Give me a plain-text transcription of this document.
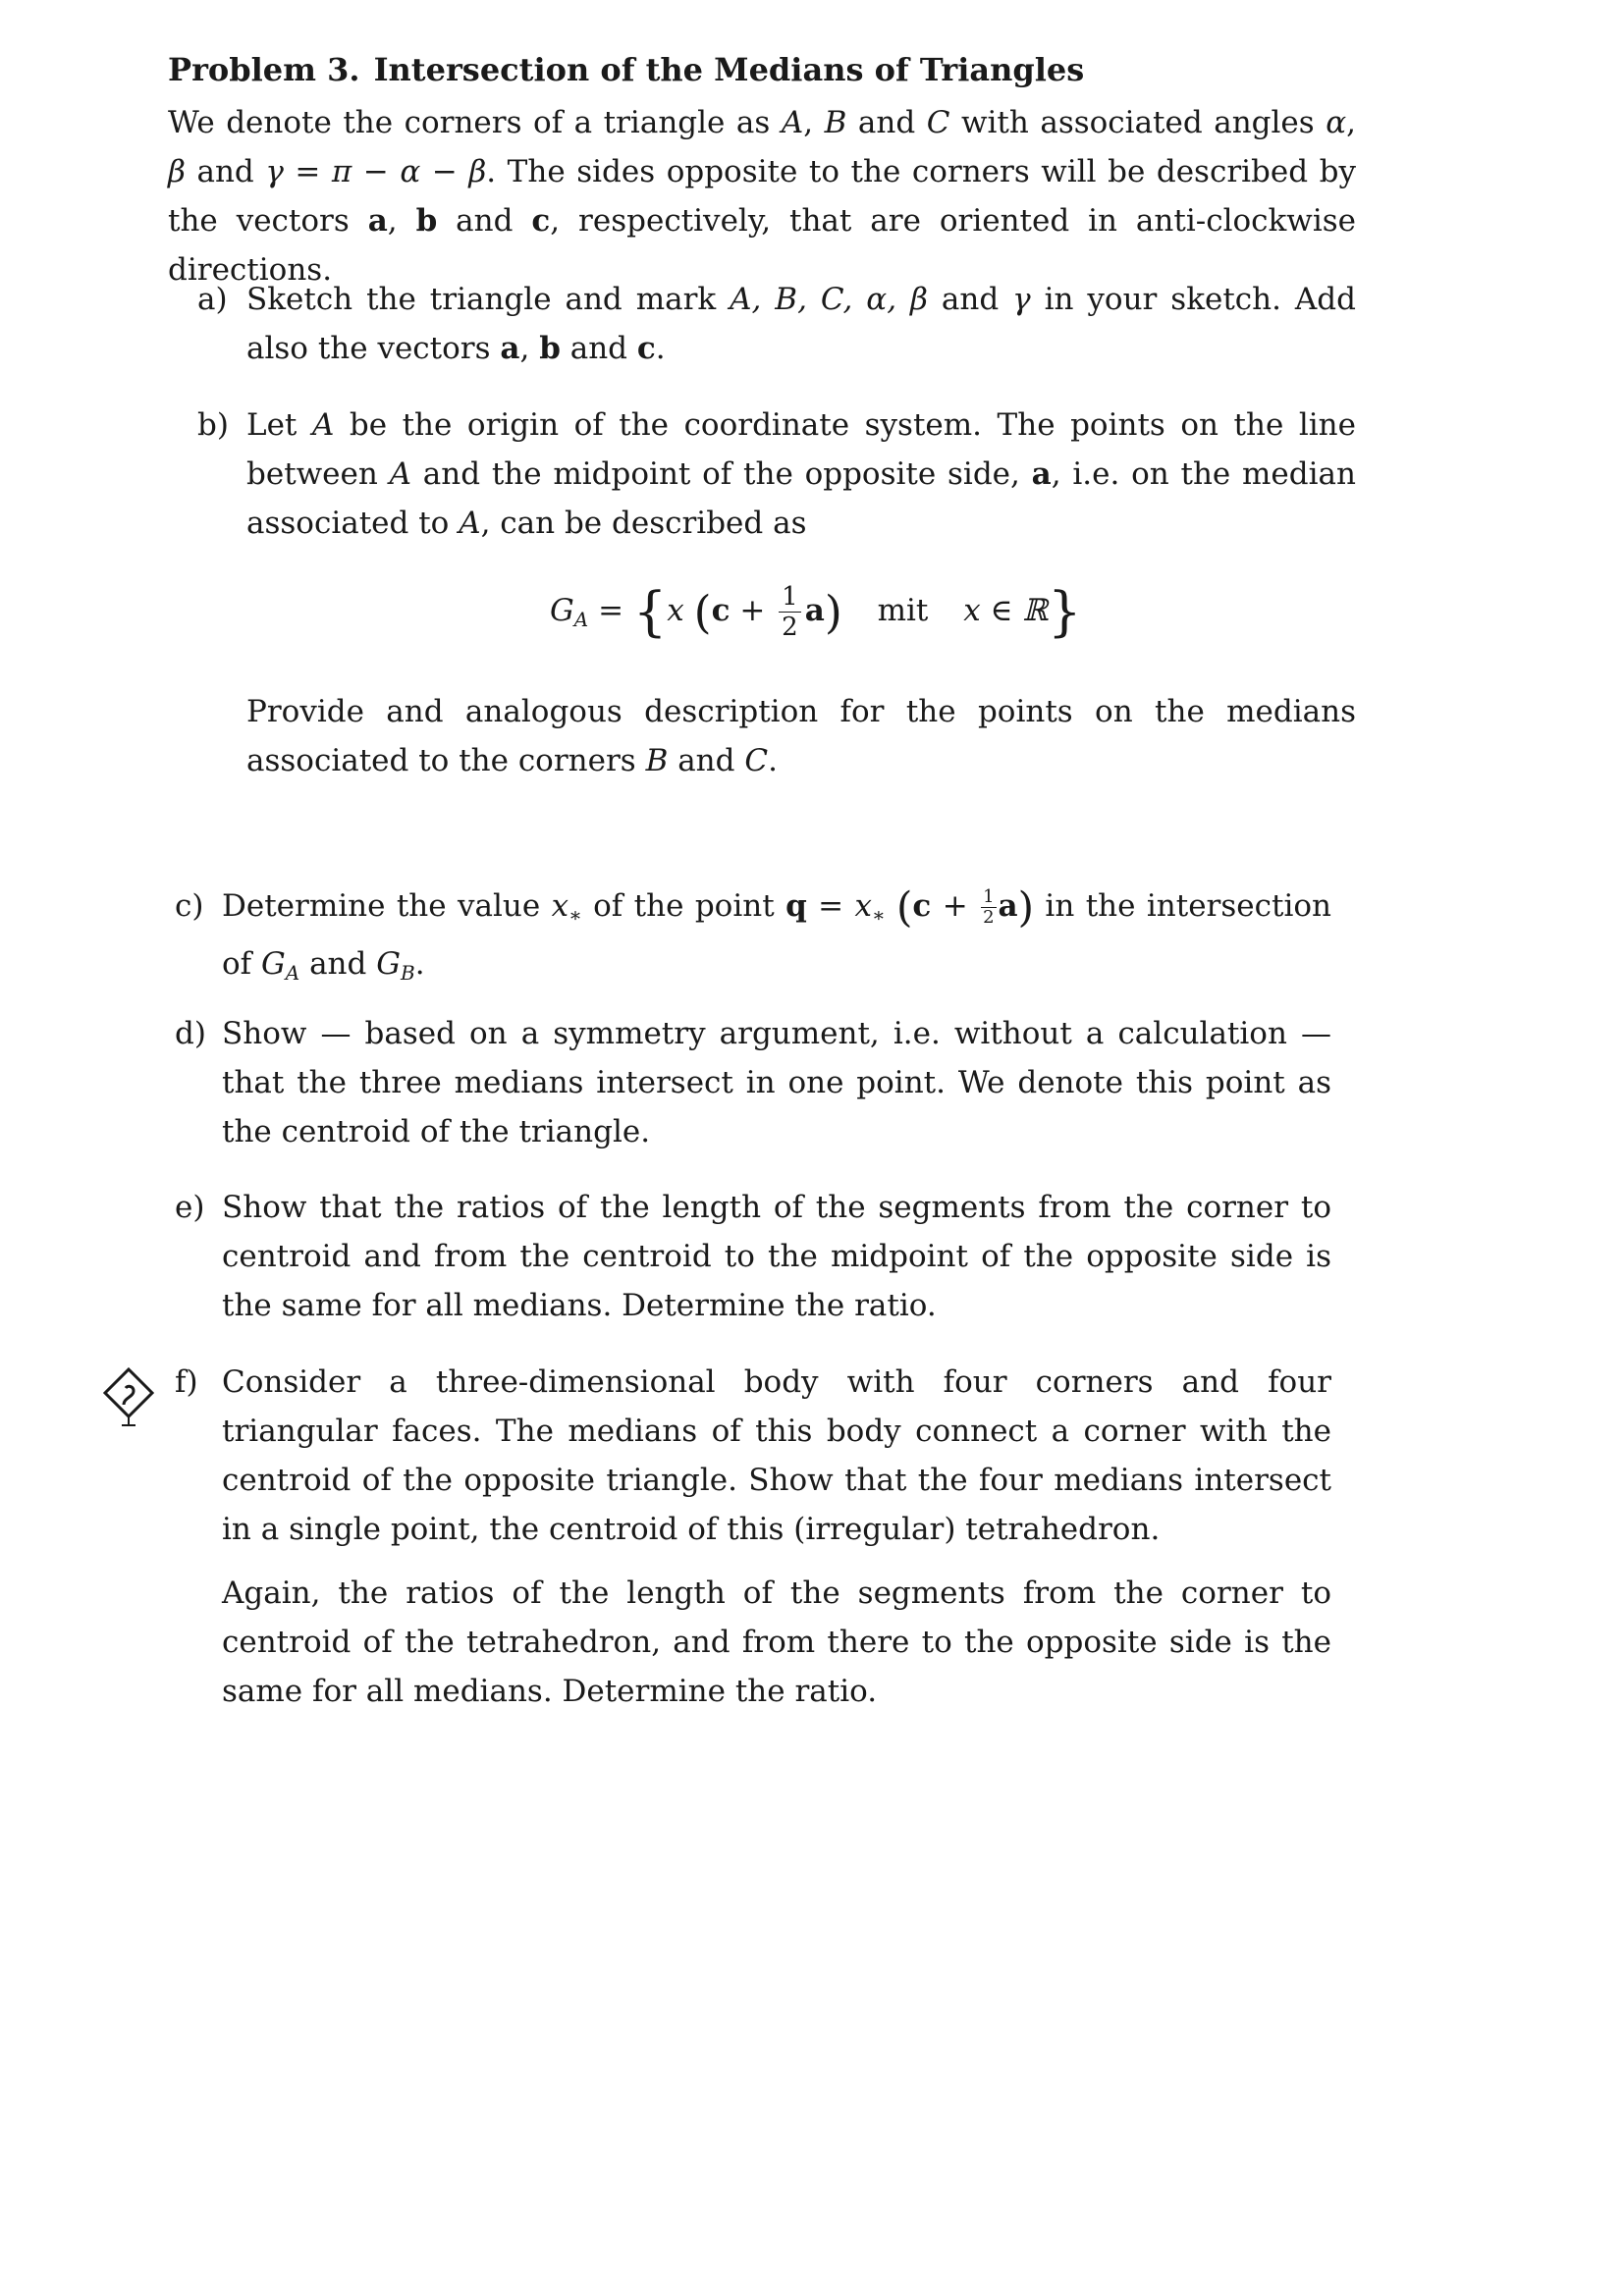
Problem 3. Intersection of the Medians of Triangles
We denote the corners of a triangle as A, B and C with associated angles α, β and γ = π − α − β. The sides opposite to the corners will be described by the vectors a, b and c, respectively, that are oriented in anti-clockwise directions.
a) Sketch the triangle and mark A, B, C, α, β and γ in your sketch. Add also the vectors a, b and c.
b) Let A be the origin of the coordinate system. The points on the line between A and the midpoint of the opposite side, a, i.e. on the median associated to A, can be described as
$G_A = \{x$ $(c + \frac{1}{2} a)$ mit x ∈ ℝ}
Provide and analogous description for the points on the medians associated to the corners B and C.
c) Determine the value $x_∗$ of the point $q = x_∗$ $(c + \frac{1}{2} a)$ in the intersection of $G_A$ and $G_B$.
d) Show — based on a symmetry argument, i.e. without a calculation — that the three medians intersect in one point. We denote this point as the centroid of the triangle.
e) Show that the ratios of the length of the segments from the corner to centroid and from the centroid to the midpoint of the opposite side is the same for all medians. Determine the ratio.
f) Consider a three-dimensional body with four corners and four triangular faces. The medians of this body connect a corner with the centroid of the opposite triangle. Show that the four medians intersect in a single point, the centroid of this (irregular) tetrahedron.
Again, the ratios of the length of the segments from the corner to centroid of the tetrahedron, and from there to the opposite side is the same for all medians. Determine the ratio.
